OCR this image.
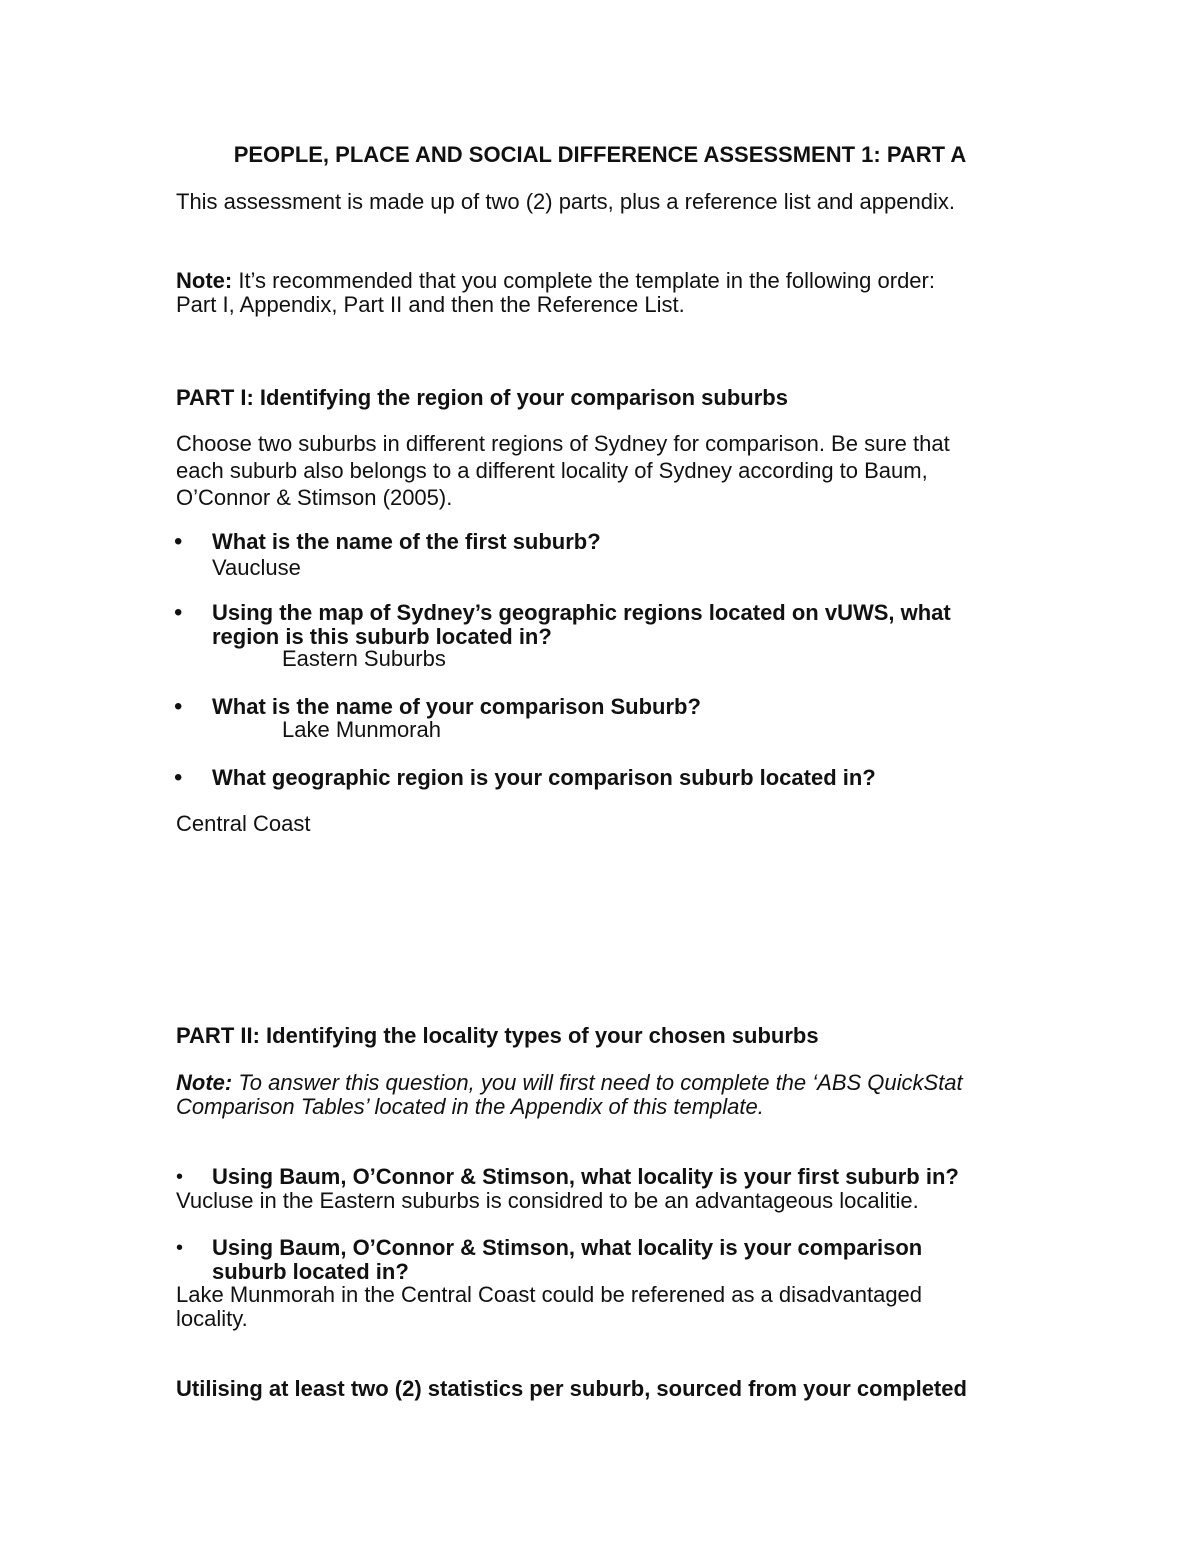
PEOPLE, PLACE AND SOCIAL DIFFERENCE ASSESSMENT 1: PART A
This assessment is made up of two (2) parts, plus a reference list and appendix.
Note: It’s recommended that you complete the template in the following order:
Part I, Appendix, Part II and then the Reference List.
PART I: Identifying the region of your comparison suburbs
Choose two suburbs in different regions of Sydney for comparison. Be sure that
each suburb also belongs to a different locality of Sydney according to Baum,
O’Connor & Stimson (2005).
• What is the name of the first suburb?
Vaucluse
• Using the map of Sydney’s geographic regions located on vUWS, what
region is this suburb located in?
Eastern Suburbs
• What is the name of your comparison Suburb?
Lake Munmorah
• What geographic region is your comparison suburb located in?
Central Coast
PART II: Identifying the locality types of your chosen suburbs
Note: To answer this question, you will first need to complete the ‘ABS QuickStat
Comparison Tables’ located in the Appendix of this template.
• Using Baum, O’Connor & Stimson, what locality is your first suburb in?
Vucluse in the Eastern suburbs is considred to be an advantageous localitie.
• Using Baum, O’Connor & Stimson, what locality is your comparison
suburb located in?
Lake Munmorah in the Central Coast could be referened as a disadvantaged
locality.
Utilising at least two (2) statistics per suburb, sourced from your completed
